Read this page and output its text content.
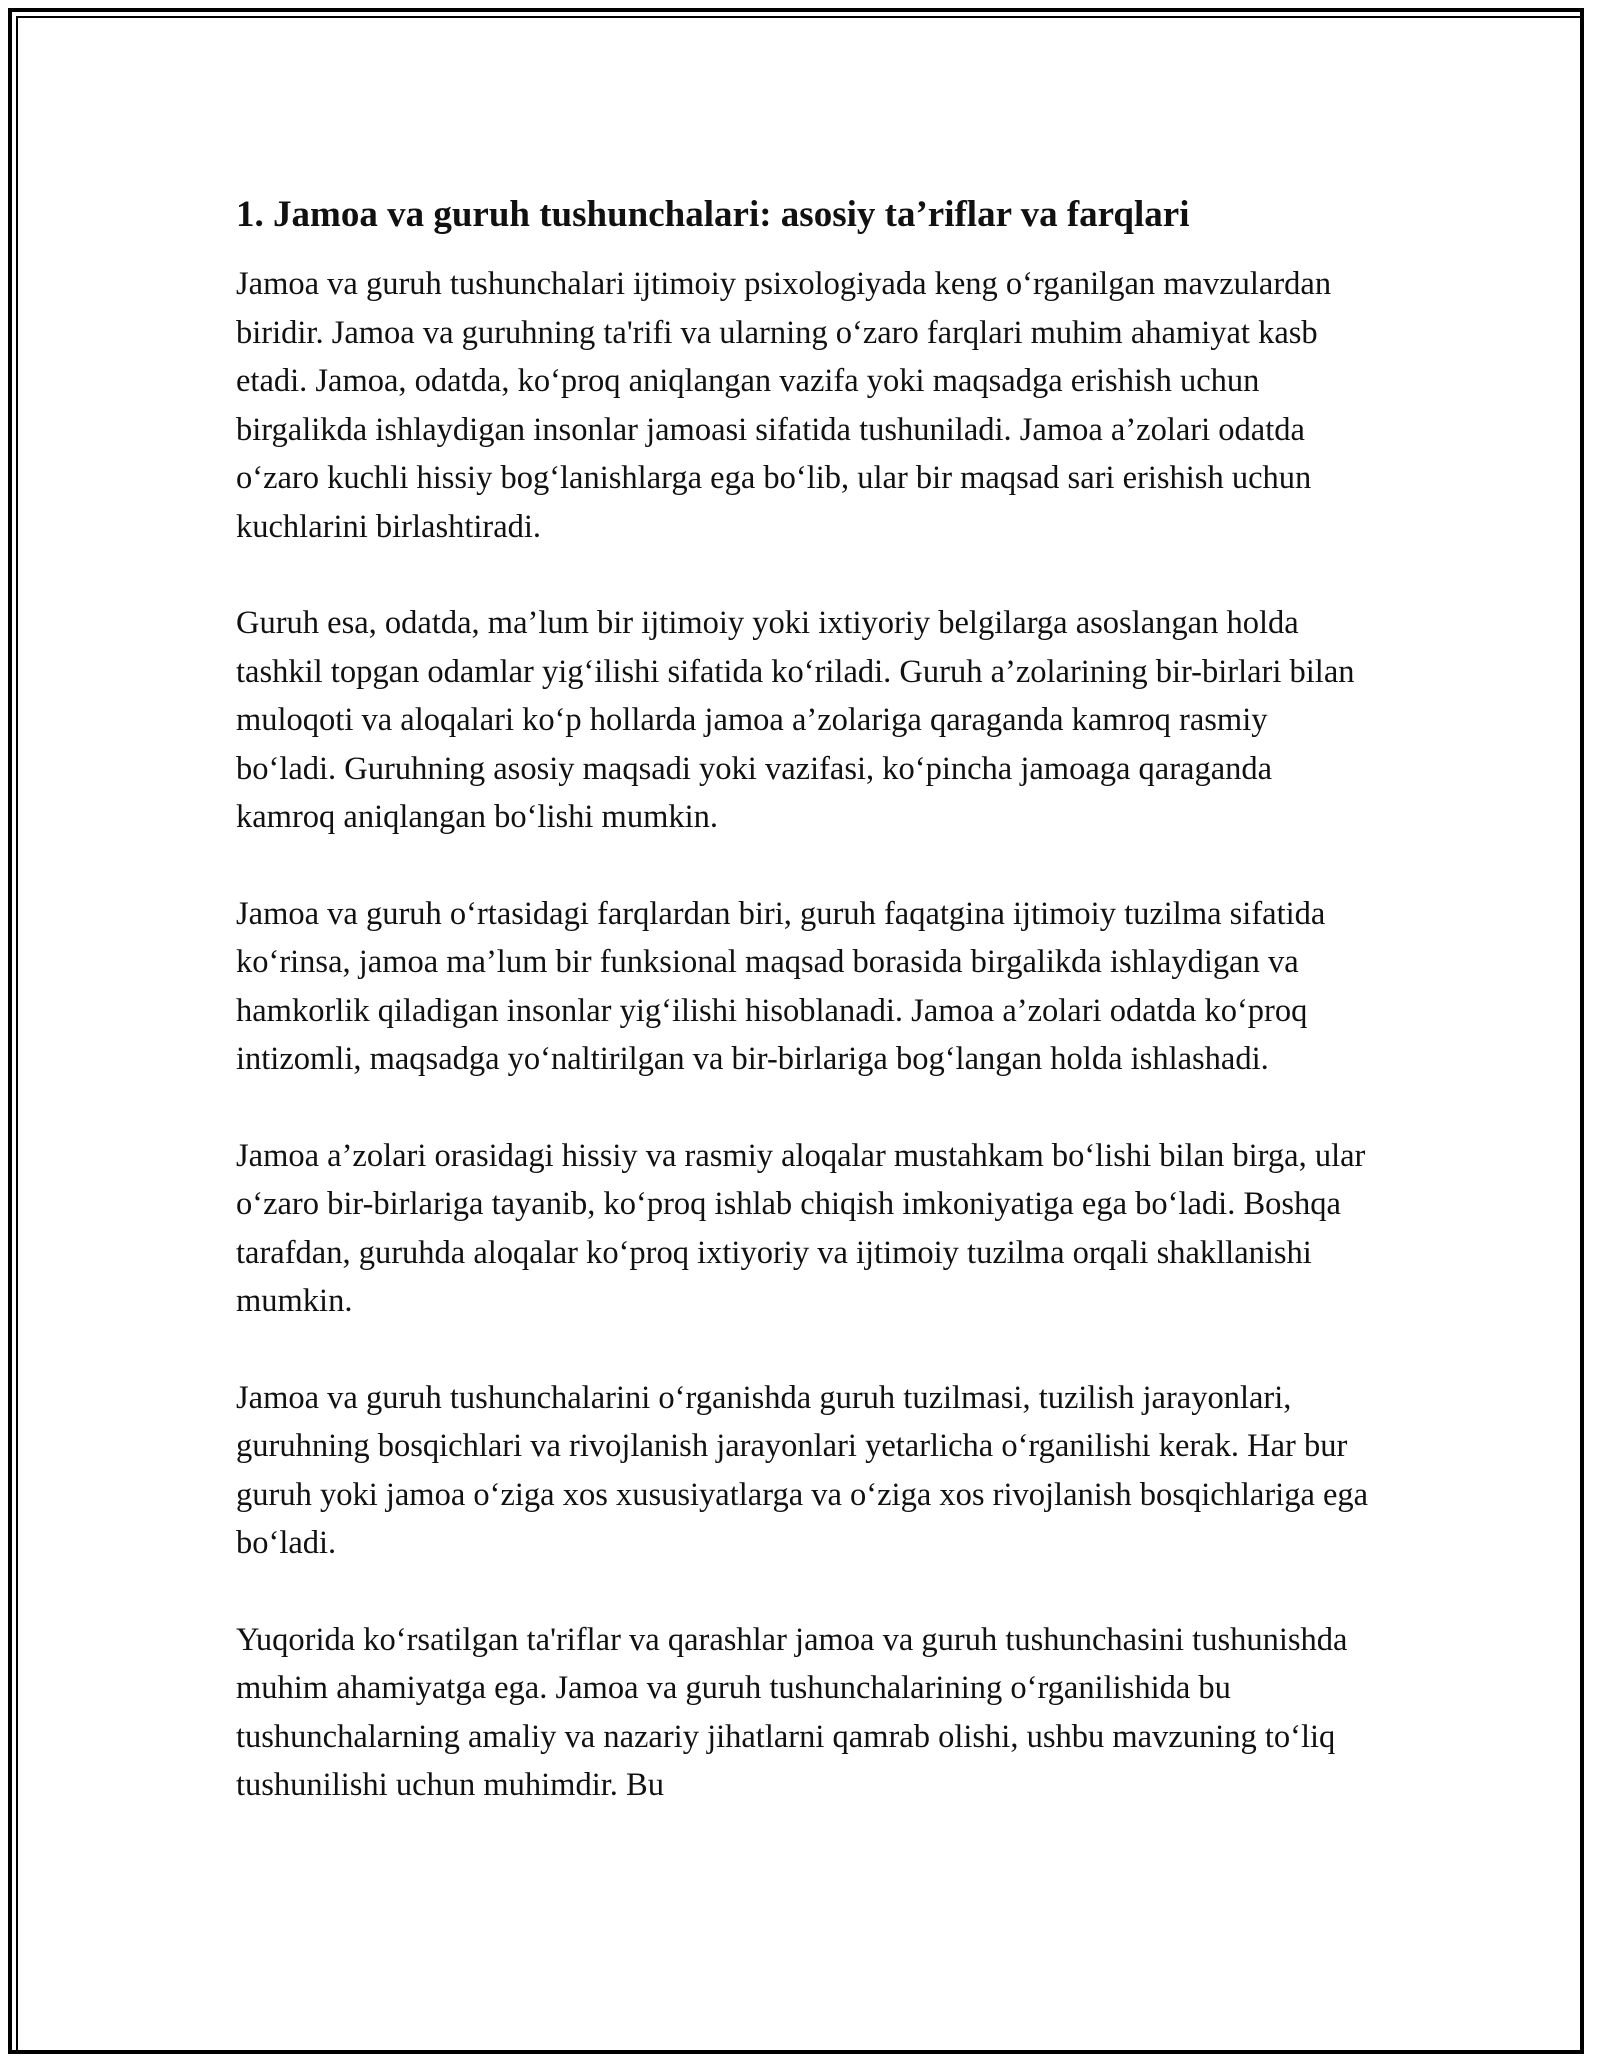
1. Jamoa va guruh tushunchalari: asosiy ta’riflar va farqlari

Jamoa va guruh tushunchalari ijtimoiy psixologiyada keng o‘rganilgan mavzulardan biridir. Jamoa va guruhning ta'rifi va ularning o‘zaro farqlari muhim ahamiyat kasb etadi. Jamoa, odatda, ko‘proq aniqlangan vazifa yoki maqsadga erishish uchun birgalikda ishlaydigan insonlar jamoasi sifatida tushuniladi. Jamoa a’zolari odatda o‘zaro kuchli hissiy bog‘lanishlarga ega bo‘lib, ular bir maqsad sari erishish uchun kuchlarini birlashtiradi.

Guruh esa, odatda, ma’lum bir ijtimoiy yoki ixtiyoriy belgilarga asoslangan holda tashkil topgan odamlar yig‘ilishi sifatida ko‘riladi. Guruh a’zolarining bir-birlari bilan muloqoti va aloqalari ko‘p hollarda jamoa a’zolariga qaraganda kamroq rasmiy bo‘ladi. Guruhning asosiy maqsadi yoki vazifasi, ko‘pincha jamoaga qaraganda kamroq aniqlangan bo‘lishi mumkin.

Jamoa va guruh o‘rtasidagi farqlardan biri, guruh faqatgina ijtimoiy tuzilma sifatida ko‘rinsa, jamoa ma’lum bir funksional maqsad borasida birgalikda ishlaydigan va hamkorlik qiladigan insonlar yig‘ilishi hisoblanadi. Jamoa a’zolari odatda ko‘proq intizomli, maqsadga yo‘naltirilgan va bir-birlariga bog‘langan holda ishlashadi.

Jamoa a’zolari orasidagi hissiy va rasmiy aloqalar mustahkam bo‘lishi bilan birga, ular o‘zaro bir-birlariga tayanib, ko‘proq ishlab chiqish imkoniyatiga ega bo‘ladi. Boshqa tarafdan, guruhda aloqalar ko‘proq ixtiyoriy va ijtimoiy tuzilma orqali shakllanishi mumkin.

Jamoa va guruh tushunchalarini o‘rganishda guruh tuzilmasi, tuzilish jarayonlari, guruhning bosqichlari va rivojlanish jarayonlari yetarlicha o‘rganilishi kerak. Har bur guruh yoki jamoa o‘ziga xos xususiyatlarga va o‘ziga xos rivojlanish bosqichlariga ega bo‘ladi.

Yuqorida ko‘rsatilgan ta'riflar va qarashlar jamoa va guruh tushunchasini tushunishda muhim ahamiyatga ega. Jamoa va guruh tushunchalarining o‘rganilishida bu tushunchalarning amaliy va nazariy jihatlarni qamrab olishi, ushbu mavzuning to‘liq tushunilishi uchun muhimdir. Bu
